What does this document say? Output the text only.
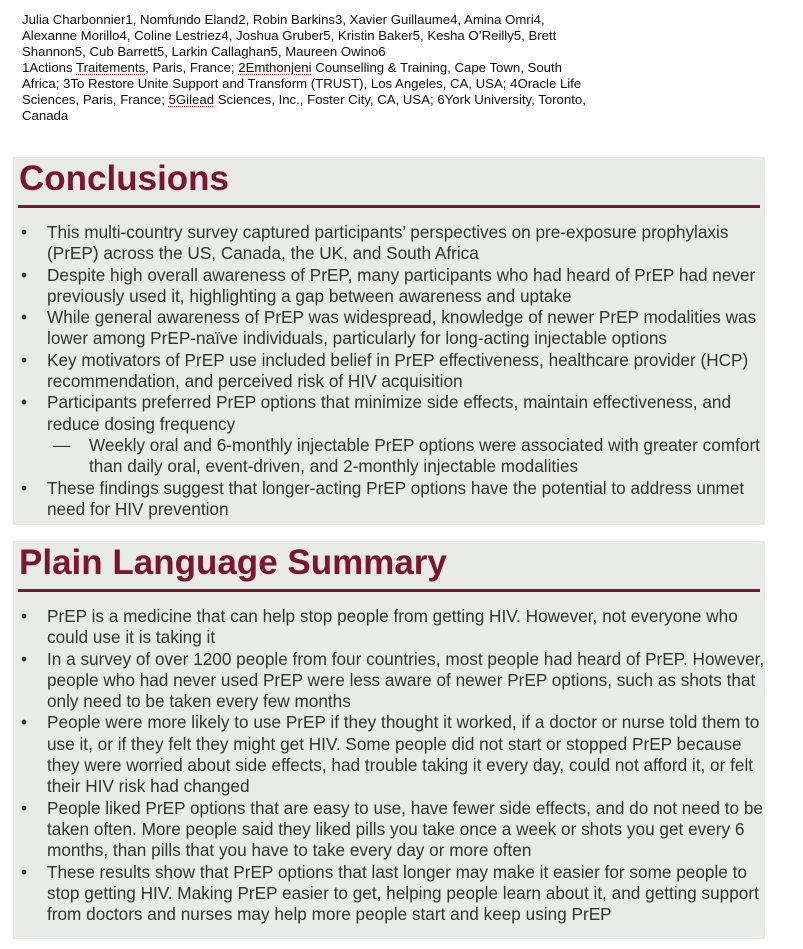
Julia Charbonnier1, Nomfundo Eland2, Robin Barkins3, Xavier Guillaume4, Amina Omri4,

Alexanne Morillo4, Coline Lestriez4, Joshua Gruber5, Kristin Baker5, Kesha O’Reilly5, Brett

Shannon5, Cub Barrett5, Larkin Callaghan5, Maureen Owino6

1Actions Traitements, Paris, France; 2Emthonjeni Counselling & Training, Cape Town, South

Africa; 3To Restore Unite Support and Transform (TRUST), Los Angeles, CA, USA; 4Oracle Life

Sciences, Paris, France; 5Gilead Sciences, Inc., Foster City, CA, USA; 6York University, Toronto,

Canada

Conclusions
•	This multi-country survey captured participants’ perspectives on pre-exposure prophylaxis (PrEP) across the US, Canada, the UK, and South Africa
•	Despite high overall awareness of PrEP, many participants who had heard of PrEP had never previously used it, highlighting a gap between awareness and uptake
•	While general awareness of PrEP was widespread, knowledge of newer PrEP modalities was lower among PrEP-naïve individuals, particularly for long-acting injectable options
•	Key motivators of PrEP use included belief in PrEP effectiveness, healthcare provider (HCP) recommendation, and perceived risk of HIV acquisition
•	Participants preferred PrEP options that minimize side effects, maintain effectiveness, and reduce dosing frequency
— Weekly oral and 6-monthly injectable PrEP options were associated with greater comfort than daily oral, event-driven, and 2-monthly injectable modalities
•	These findings suggest that longer-acting PrEP options have the potential to address unmet need for HIV prevention
Plain Language Summary
•	PrEP is a medicine that can help stop people from getting HIV. However, not everyone who could use it is taking it
•	In a survey of over 1200 people from four countries, most people had heard of PrEP. However, people who had never used PrEP were less aware of newer PrEP options, such as shots that only need to be taken every few months
•	People were more likely to use PrEP if they thought it worked, if a doctor or nurse told them to use it, or if they felt they might get HIV. Some people did not start or stopped PrEP because they were worried about side effects, had trouble taking it every day, could not afford it, or felt their HIV risk had changed
•	People liked PrEP options that are easy to use, have fewer side effects, and do not need to be taken often. More people said they liked pills you take once a week or shots you get every 6 months, than pills that you have to take every day or more often
•	These results show that PrEP options that last longer may make it easier for some people to stop getting HIV. Making PrEP easier to get, helping people learn about it, and getting support from doctors and nurses may help more people start and keep using PrEP
